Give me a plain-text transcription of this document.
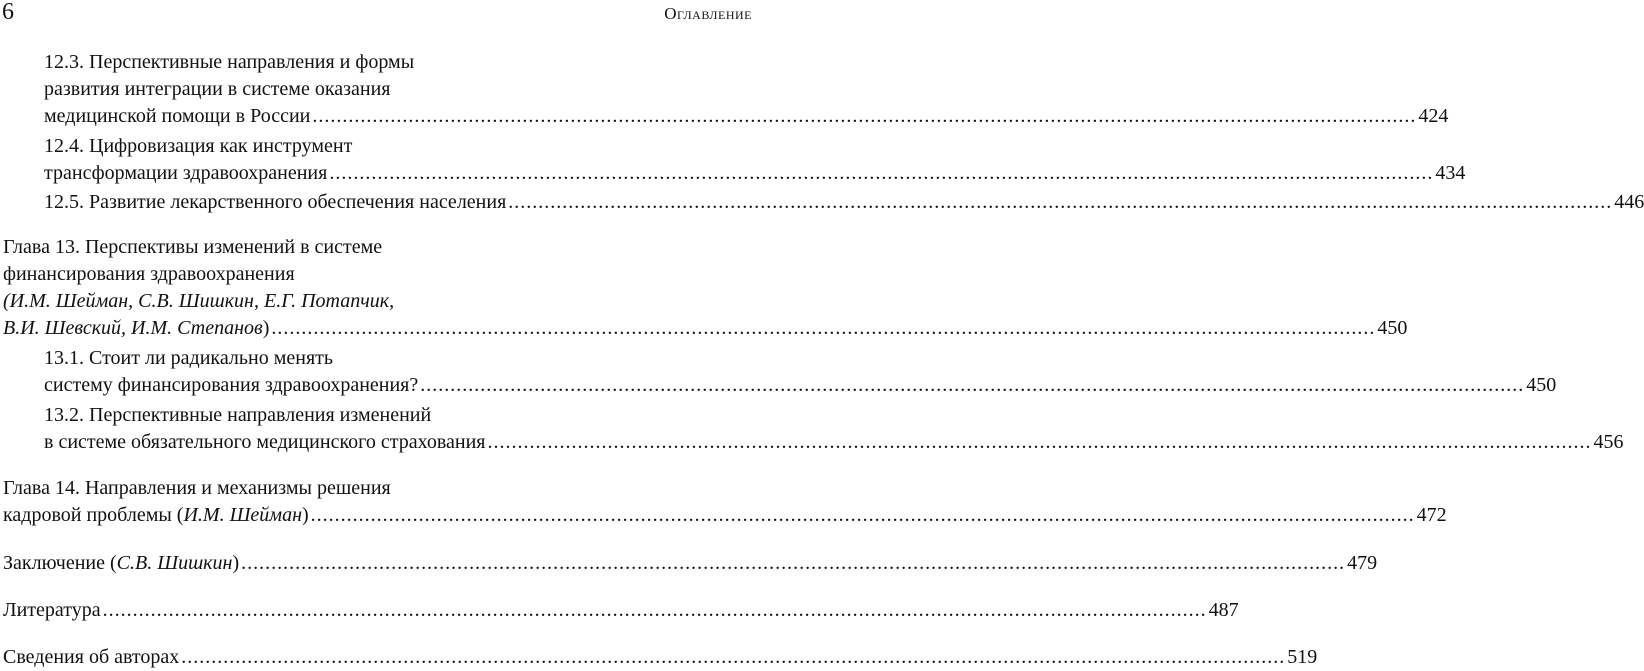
6	Оглавление
12.3. Перспективные направления и формы
развития интеграции в системе оказания
медицинской помощи в России ........................................................................................................................................................................................ 424
12.4. Цифровизация как инструмент
трансформации здравоохранения ........................................................................................................................................................................................ 434
12.5. Развитие лекарственного обеспечения населения ........................................................................................................................................................................................ 446
Глава 13. Перспективы изменений в системе
финансирования здравоохранения
(И.М. Шейман, С.В. Шишкин, Е.Г. Потапчик,
В.И. Шевский, И.М. Степанов) ........................................................................................................................................................................................ 450
13.1. Стоит ли радикально менять
систему финансирования здравоохранения? ........................................................................................................................................................................................ 450
13.2. Перспективные направления изменений
в системе обязательного медицинского страхования ........................................................................................................................................................................................ 456
Глава 14. Направления и механизмы решения
кадровой проблемы (И.М. Шейман) ........................................................................................................................................................................................ 472
Заключение (С.В. Шишкин) ........................................................................................................................................................................................ 479
Литература ........................................................................................................................................................................................ 487
Сведения об авторах ........................................................................................................................................................................................ 519
